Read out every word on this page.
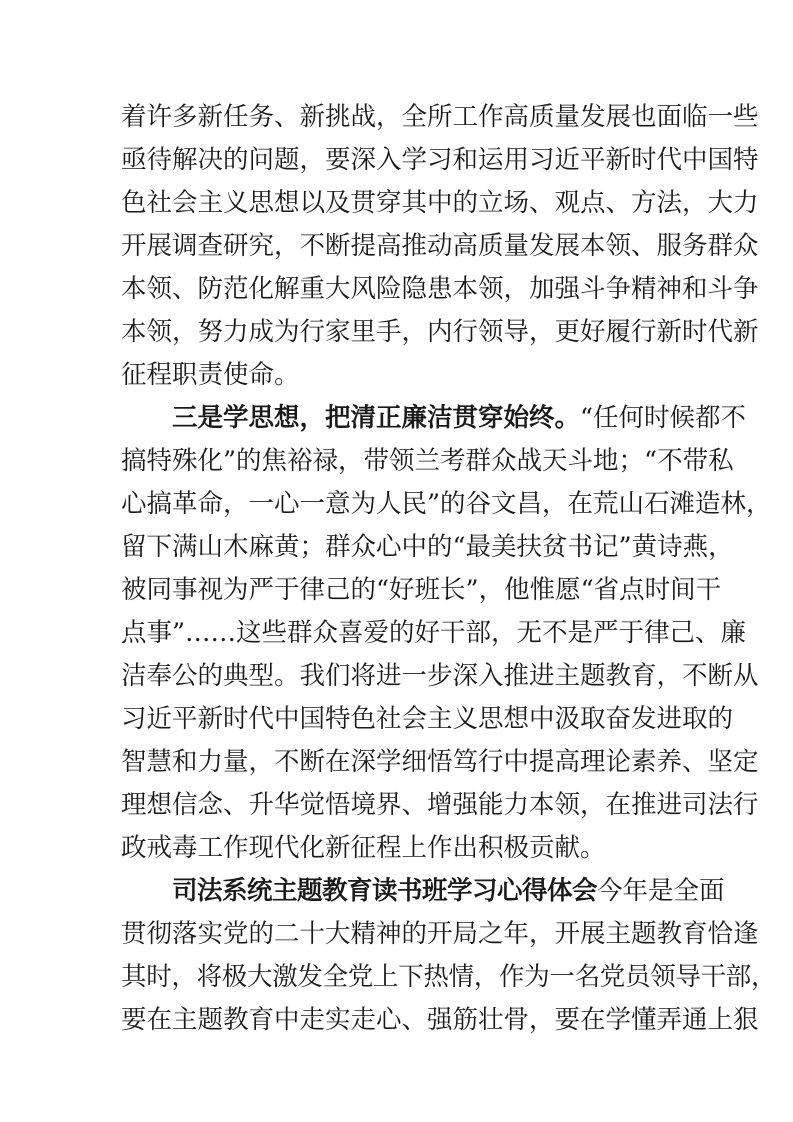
着许多新任务、新挑战，全所工作高质量发展也面临一些
亟待解决的问题，要深入学习和运用习近平新时代中国特
色社会主义思想以及贯穿其中的立场、观点、方法，大力
开展调查研究，不断提高推动高质量发展本领、服务群众
本领、防范化解重大风险隐患本领，加强斗争精神和斗争
本领，努力成为行家里手，内行领导，更好履行新时代新
征程职责使命。
三是学思想，把清正廉洁贯穿始终。“任何时候都不
搞特殊化”的焦裕禄，带领兰考群众战天斗地；“不带私
心搞革命，一心一意为人民”的谷文昌，在荒山石滩造林，
留下满山木麻黄；群众心中的“最美扶贫书记”黄诗燕，
被同事视为严于律己的“好班长”，他惟愿“省点时间干
点事”……这些群众喜爱的好干部，无不是严于律己、廉
洁奉公的典型。我们将进一步深入推进主题教育，不断从
习近平新时代中国特色社会主义思想中汲取奋发进取的
智慧和力量，不断在深学细悟笃行中提高理论素养、坚定
理想信念、升华觉悟境界、增强能力本领，在推进司法行
政戒毒工作现代化新征程上作出积极贡献。
司法系统主题教育读书班学习心得体会今年是全面
贯彻落实党的二十大精神的开局之年，开展主题教育恰逢
其时，将极大激发全党上下热情，作为一名党员领导干部，
要在主题教育中走实走心、强筋壮骨，要在学懂弄通上狠
